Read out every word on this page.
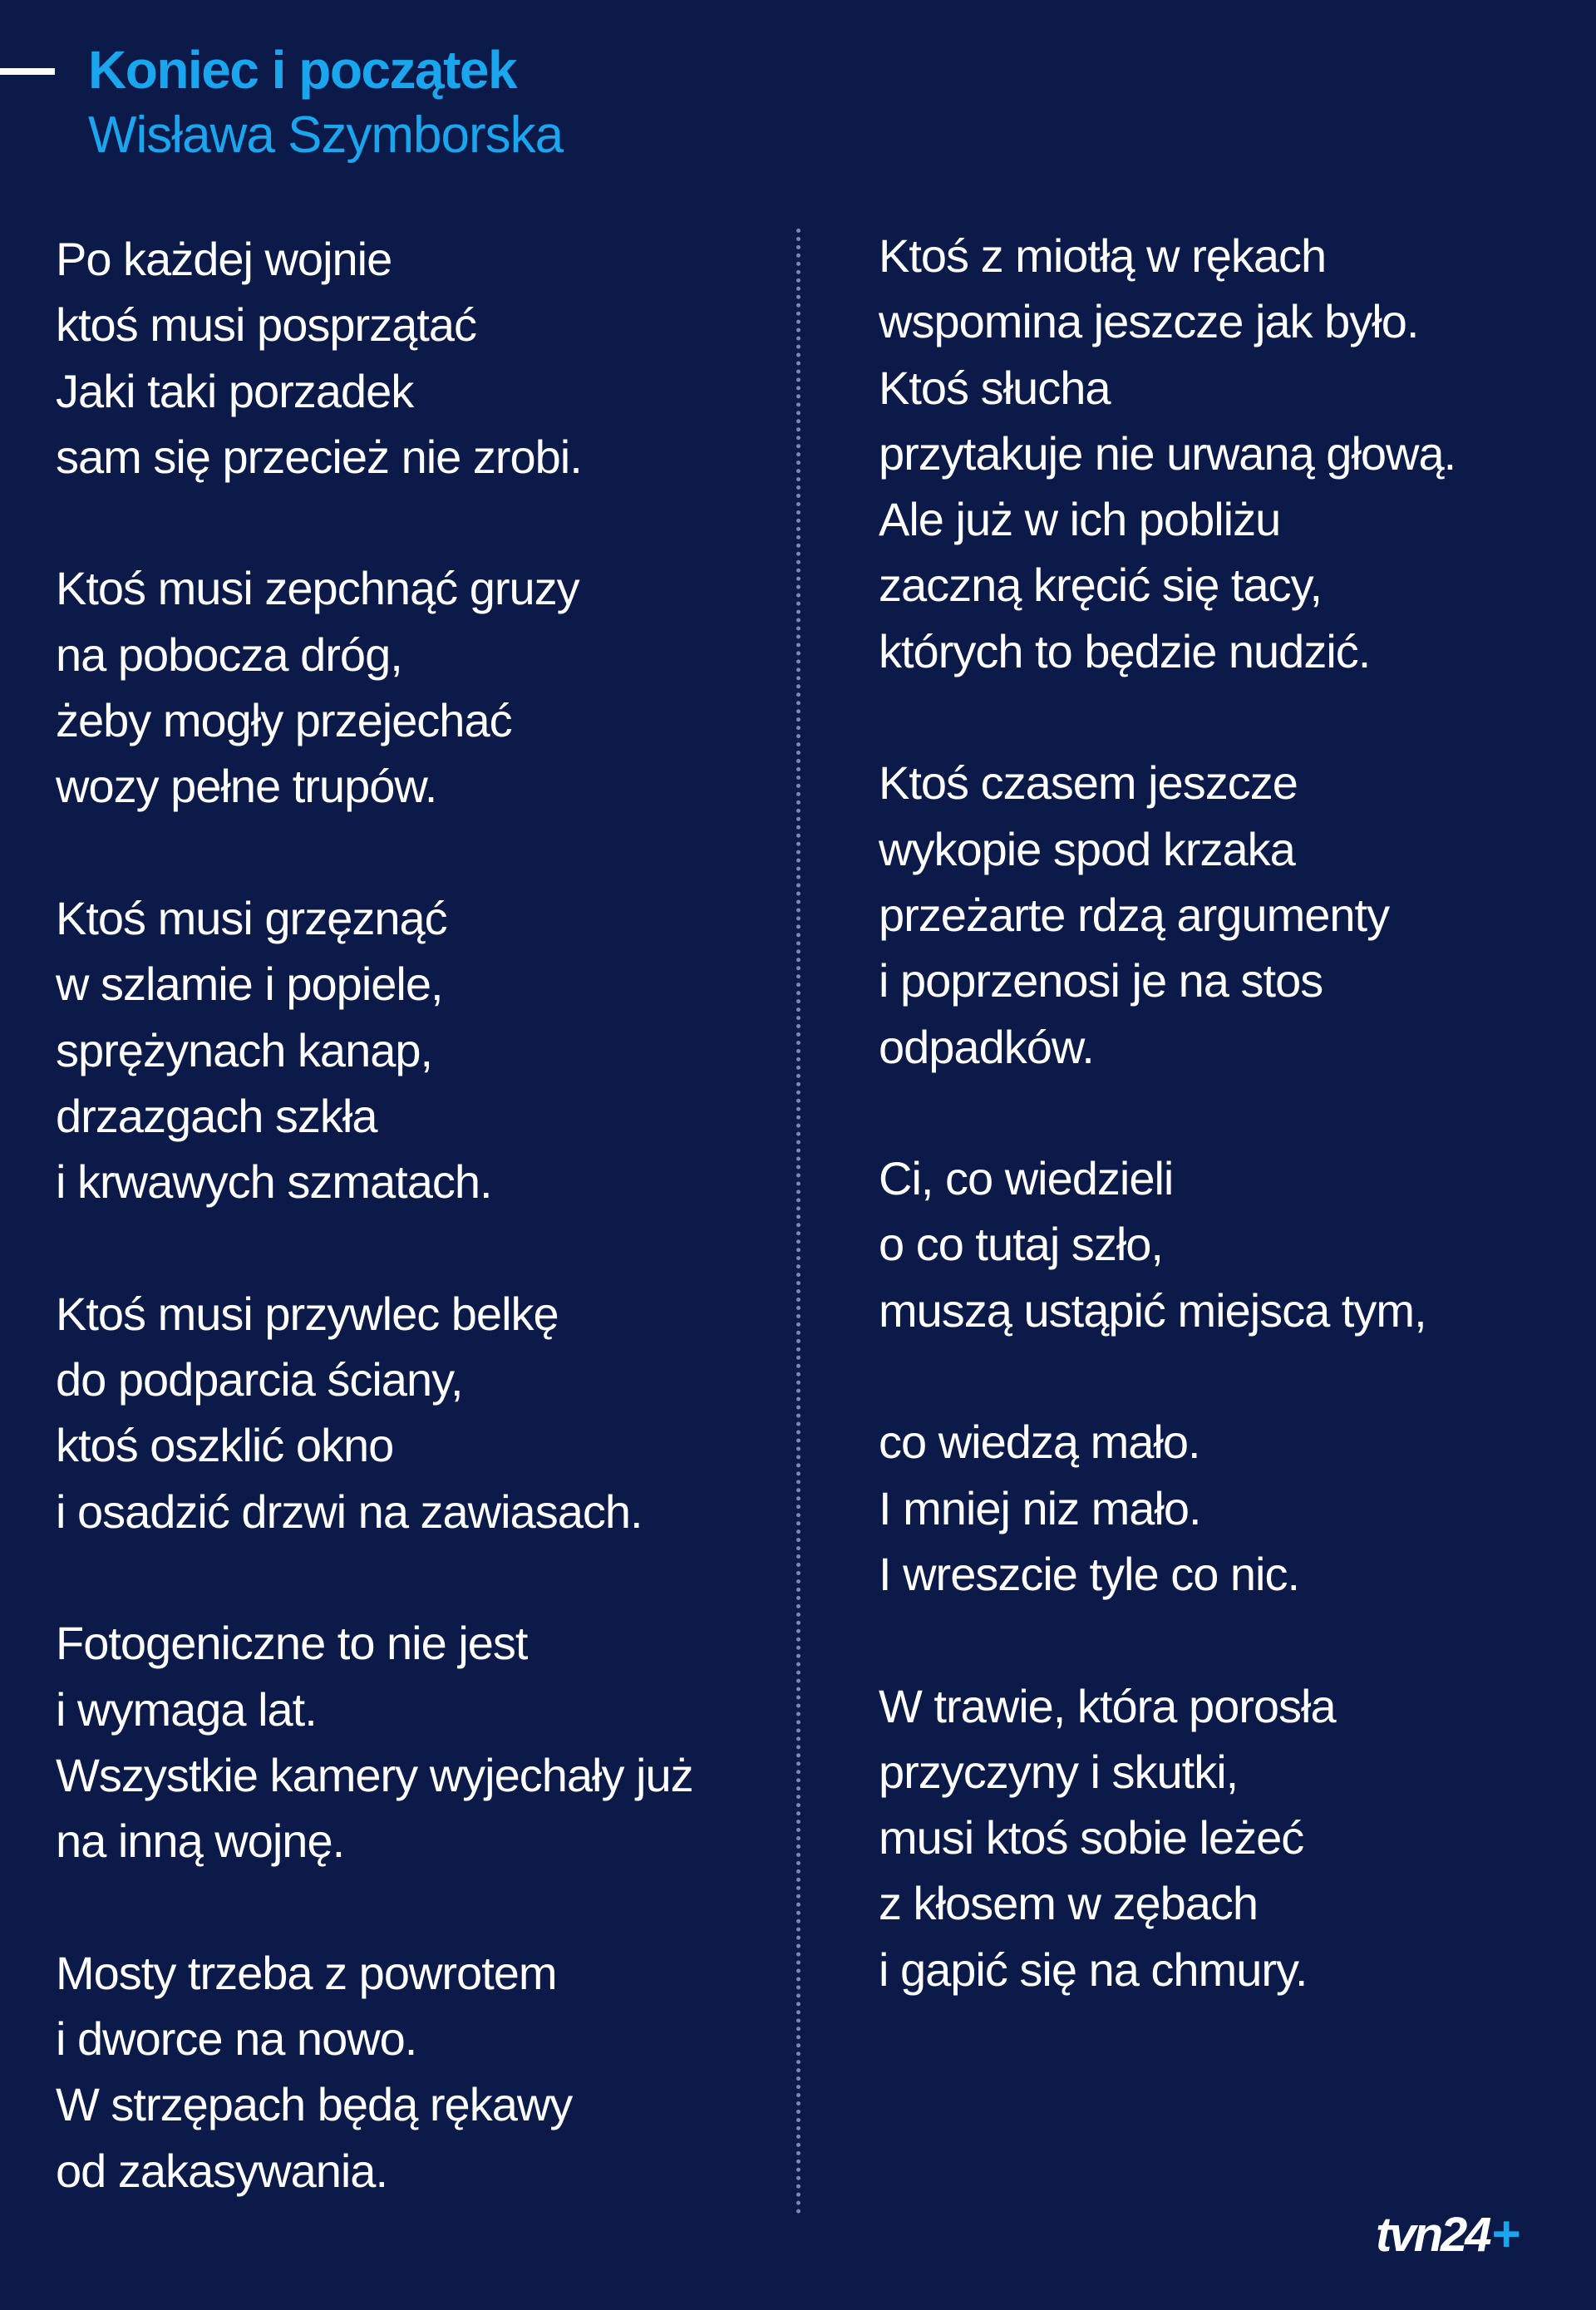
Koniec i początek
Wisława Szymborska
Po każdej wojnie
ktoś musi posprzątać
Jaki taki porzadek
sam się przecież nie zrobi.
Ktoś musi zepchnąć gruzy
na pobocza dróg,
żeby mogły przejechać
wozy pełne trupów.
Ktoś musi grzęznąć
w szlamie i popiele,
sprężynach kanap,
drzazgach szkła
i krwawych szmatach.
Ktoś musi przywlec belkę
do podparcia ściany,
ktoś oszklić okno
i osadzić drzwi na zawiasach.
Fotogeniczne to nie jest
i wymaga lat.
Wszystkie kamery wyjechały już
na inną wojnę.
Mosty trzeba z powrotem
i dworce na nowo.
W strzępach będą rękawy
od zakasywania.
Ktoś z miotłą w rękach
wspomina jeszcze jak było.
Ktoś słucha
przytakuje nie urwaną głową.
Ale już w ich pobliżu
zaczną kręcić się tacy,
których to będzie nudzić.
Ktoś czasem jeszcze
wykopie spod krzaka
przeżarte rdzą argumenty
i poprzenosi je na stos
odpadków.
Ci, co wiedzieli
o co tutaj szło,
muszą ustąpić miejsca tym,
co wiedzą mało.
I mniej niz mało.
I wreszcie tyle co nic.
W trawie, która porosła
przyczyny i skutki,
musi ktoś sobie leżeć
z kłosem w zębach
i gapić się na chmury.
tvn 24 +
